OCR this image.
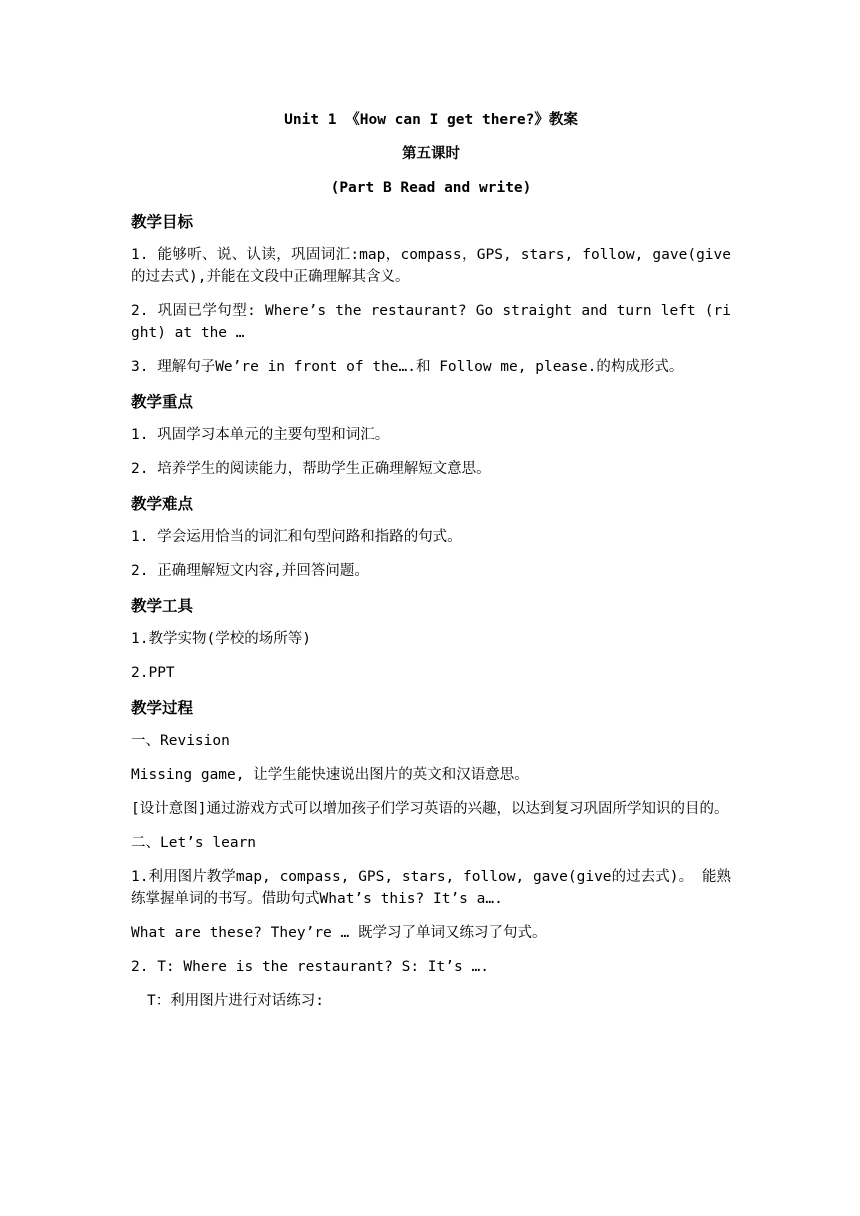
Unit 1 《How can I get there?》教案
第五课时
(Part B Read and write)
教学目标
1. 能够听、说、认读，巩固词汇:map，compass，GPS, stars, follow, gave(give的过去式),并能在文段中正确理解其含义。
2. 巩固已学句型: Where’s the restaurant? Go straight and turn left (right) at the …
3. 理解句子We’re in front of the….和 Follow me, please.的构成形式。
教学重点
1. 巩固学习本单元的主要句型和词汇。
2. 培养学生的阅读能力，帮助学生正确理解短文意思。
教学难点
1. 学会运用恰当的词汇和句型问路和指路的句式。
2. 正确理解短文内容,并回答问题。
教学工具
1.教学实物(学校的场所等)
2.PPT
教学过程
一、Revision
Missing game, 让学生能快速说出图片的英文和汉语意思。
[设计意图]通过游戏方式可以增加孩子们学习英语的兴趣，以达到复习巩固所学知识的目的。
二、Let’s learn
1.利用图片教学map, compass, GPS, stars, follow, gave(give的过去式)。 能熟练掌握单词的书写。借助句式What’s this? It’s a….
What are these? They’re … 既学习了单词又练习了句式。
2. T: Where is the restaurant? S: It’s ….
T：利用图片进行对话练习:
